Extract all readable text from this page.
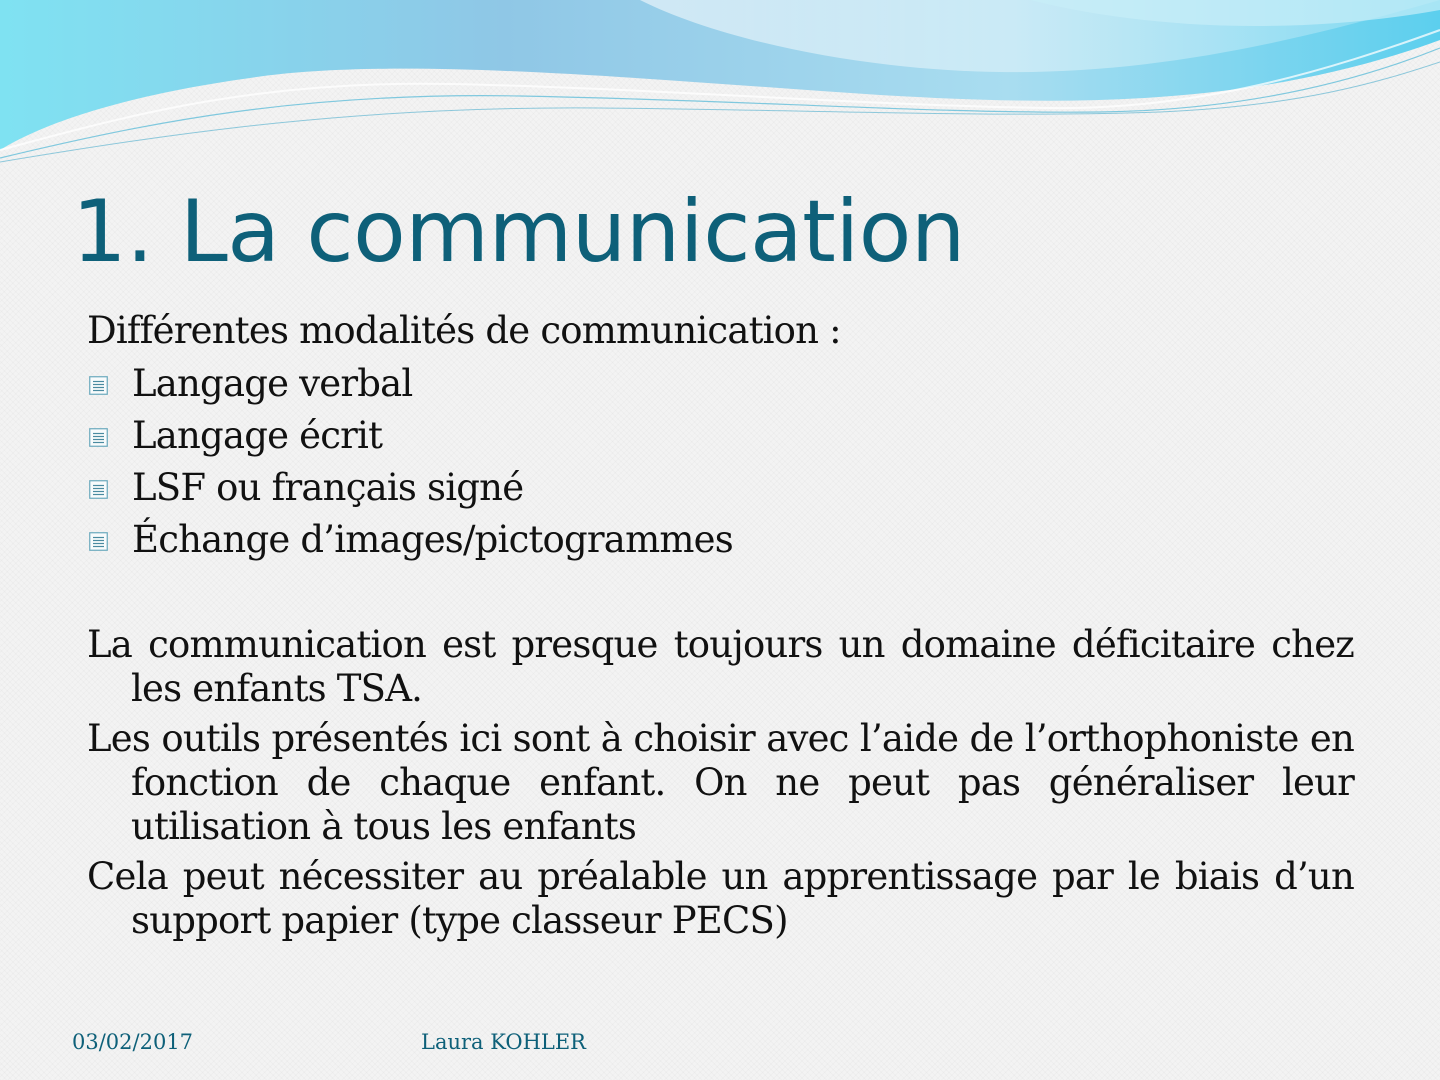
1. La communication

Différentes modalités de communication :

Langage verbal
Langage écrit
LSF ou français signé
Échange d’images/pictogrammes

La communication est presque toujours un domaine déficitaire chez les enfants TSA.

Les outils présentés ici sont à choisir avec l’aide de l’orthophoniste en fonction de chaque enfant. On ne peut pas généraliser leur utilisation à tous les enfants

Cela peut nécessiter au préalable un apprentissage par le biais d’un support papier (type classeur PECS)

03/02/2017	Laura KOHLER
